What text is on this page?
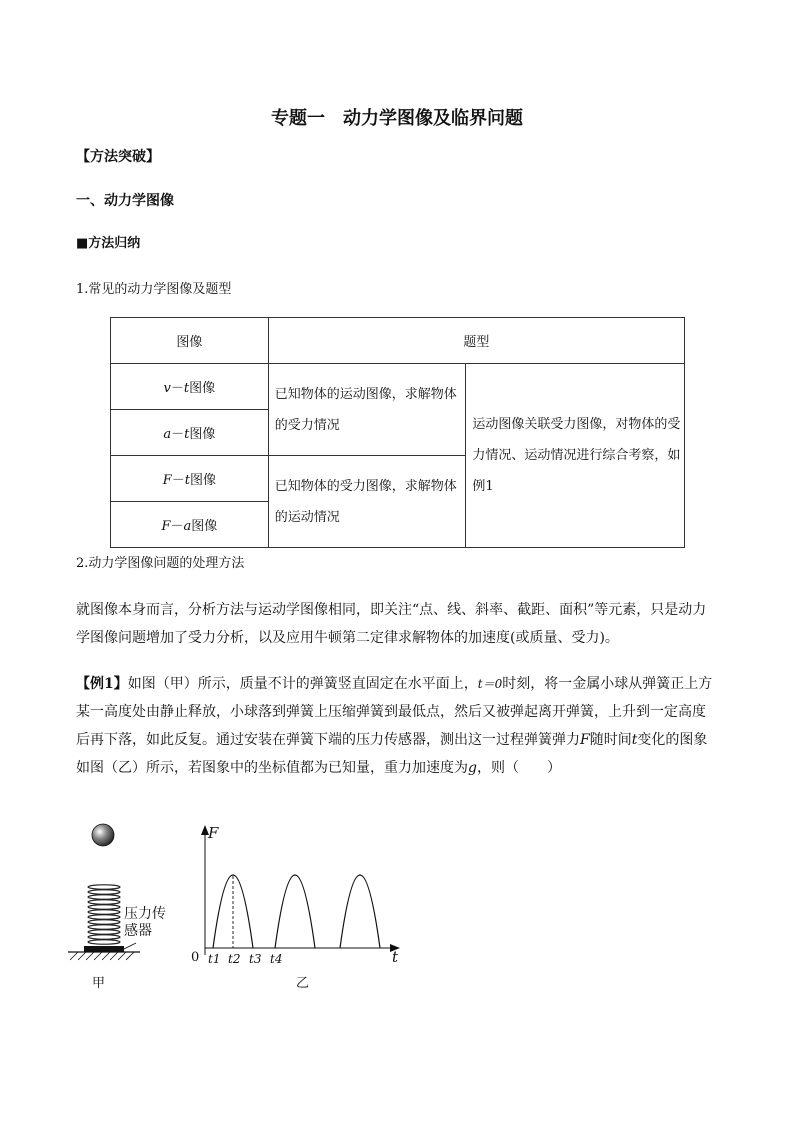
专题一　动力学图像及临界问题
【方法突破】
一、动力学图像
■方法归纳
1.常见的动力学图像及题型
图像	题型	
v－t图像	已知物体的运动图像，求解物体的受力情况	运动图像关联受力图像，对物体的受力情况、运动情况进行综合考察，如例1
a－t图像		
F－t图像	已知物体的受力图像，求解物体的运动情况	
F－a图像		
2.动力学图像问题的处理方法
就图像本身而言，分析方法与运动学图像相同，即关注“点、线、斜率、截距、面积”等元素，只是动力学图像问题增加了受力分析，以及应用牛顿第二定律求解物体的加速度(或质量、受力)。
【例1】如图（甲）所示，质量不计的弹簧竖直固定在水平面上，t＝0时刻，将一金属小球从弹簧正上方某一高度处由静止释放，小球落到弹簧上压缩弹簧到最低点，然后又被弹起离开弹簧，上升到一定高度后再下落，如此反复。通过安装在弹簧下端的压力传感器，测出这一过程弹簧弹力F随时间t变化的图象如图（乙）所示，若图象中的坐标值都为已知量，重力加速度为g，则（　　）
压力传
感器
甲
F
t
0 t1 t2 t3 t4
乙
